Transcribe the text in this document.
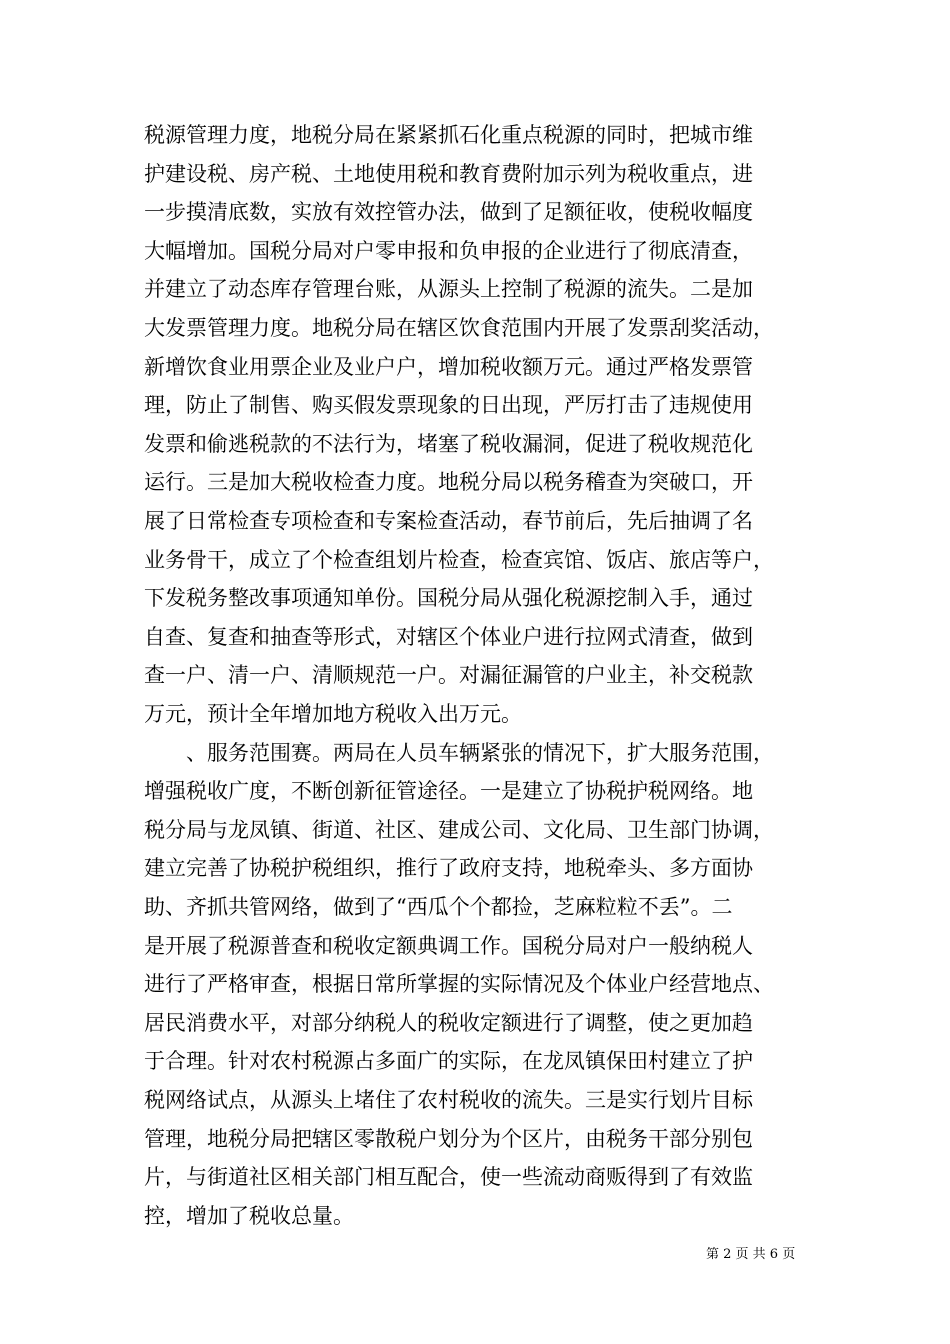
税源管理力度，地税分局在紧紧抓石化重点税源的同时，把城市维
护建设税、房产税、土地使用税和教育费附加示列为税收重点，进
一步摸清底数，实放有效控管办法，做到了足额征收，使税收幅度
大幅增加。国税分局对户零申报和负申报的企业进行了彻底清查，
并建立了动态库存管理台账，从源头上控制了税源的流失。二是加
大发票管理力度。地税分局在辖区饮食范围内开展了发票刮奖活动，
新增饮食业用票企业及业户户，增加税收额万元。通过严格发票管
理，防止了制售、购买假发票现象的日出现，严厉打击了违规使用
发票和偷逃税款的不法行为，堵塞了税收漏洞，促进了税收规范化
运行。三是加大税收检查力度。地税分局以税务稽查为突破口，开
展了日常检查专项检查和专案检查活动，春节前后，先后抽调了名
业务骨干，成立了个检查组划片检查，检查宾馆、饭店、旅店等户，
下发税务整改事项通知单份。国税分局从强化税源挖制入手，通过
自查、复查和抽查等形式，对辖区个体业户进行拉网式清查，做到
查一户、清一户、清顺规范一户。对漏征漏管的户业主，补交税款
万元，预计全年增加地方税收入出万元。
、服务范围赛。两局在人员车辆紧张的情况下，扩大服务范围，
增强税收广度，不断创新征管途径。一是建立了协税护税网络。地
税分局与龙凤镇、街道、社区、建成公司、文化局、卫生部门协调，
建立完善了协税护税组织，推行了政府支持，地税牵头、多方面协
助、齐抓共管网络，做到了“西瓜个个都捡，芝麻粒粒不丢”。二
是开展了税源普查和税收定额典调工作。国税分局对户一般纳税人
进行了严格审查，根据日常所掌握的实际情况及个体业户经营地点、
居民消费水平，对部分纳税人的税收定额进行了调整，使之更加趋
于合理。针对农村税源占多面广的实际，在龙凤镇保田村建立了护
税网络试点，从源头上堵住了农村税收的流失。三是实行划片目标
管理，地税分局把辖区零散税户划分为个区片，由税务干部分别包
片，与街道社区相关部门相互配合，使一些流动商贩得到了有效监
控，增加了税收总量。
第 2 页 共 6 页
